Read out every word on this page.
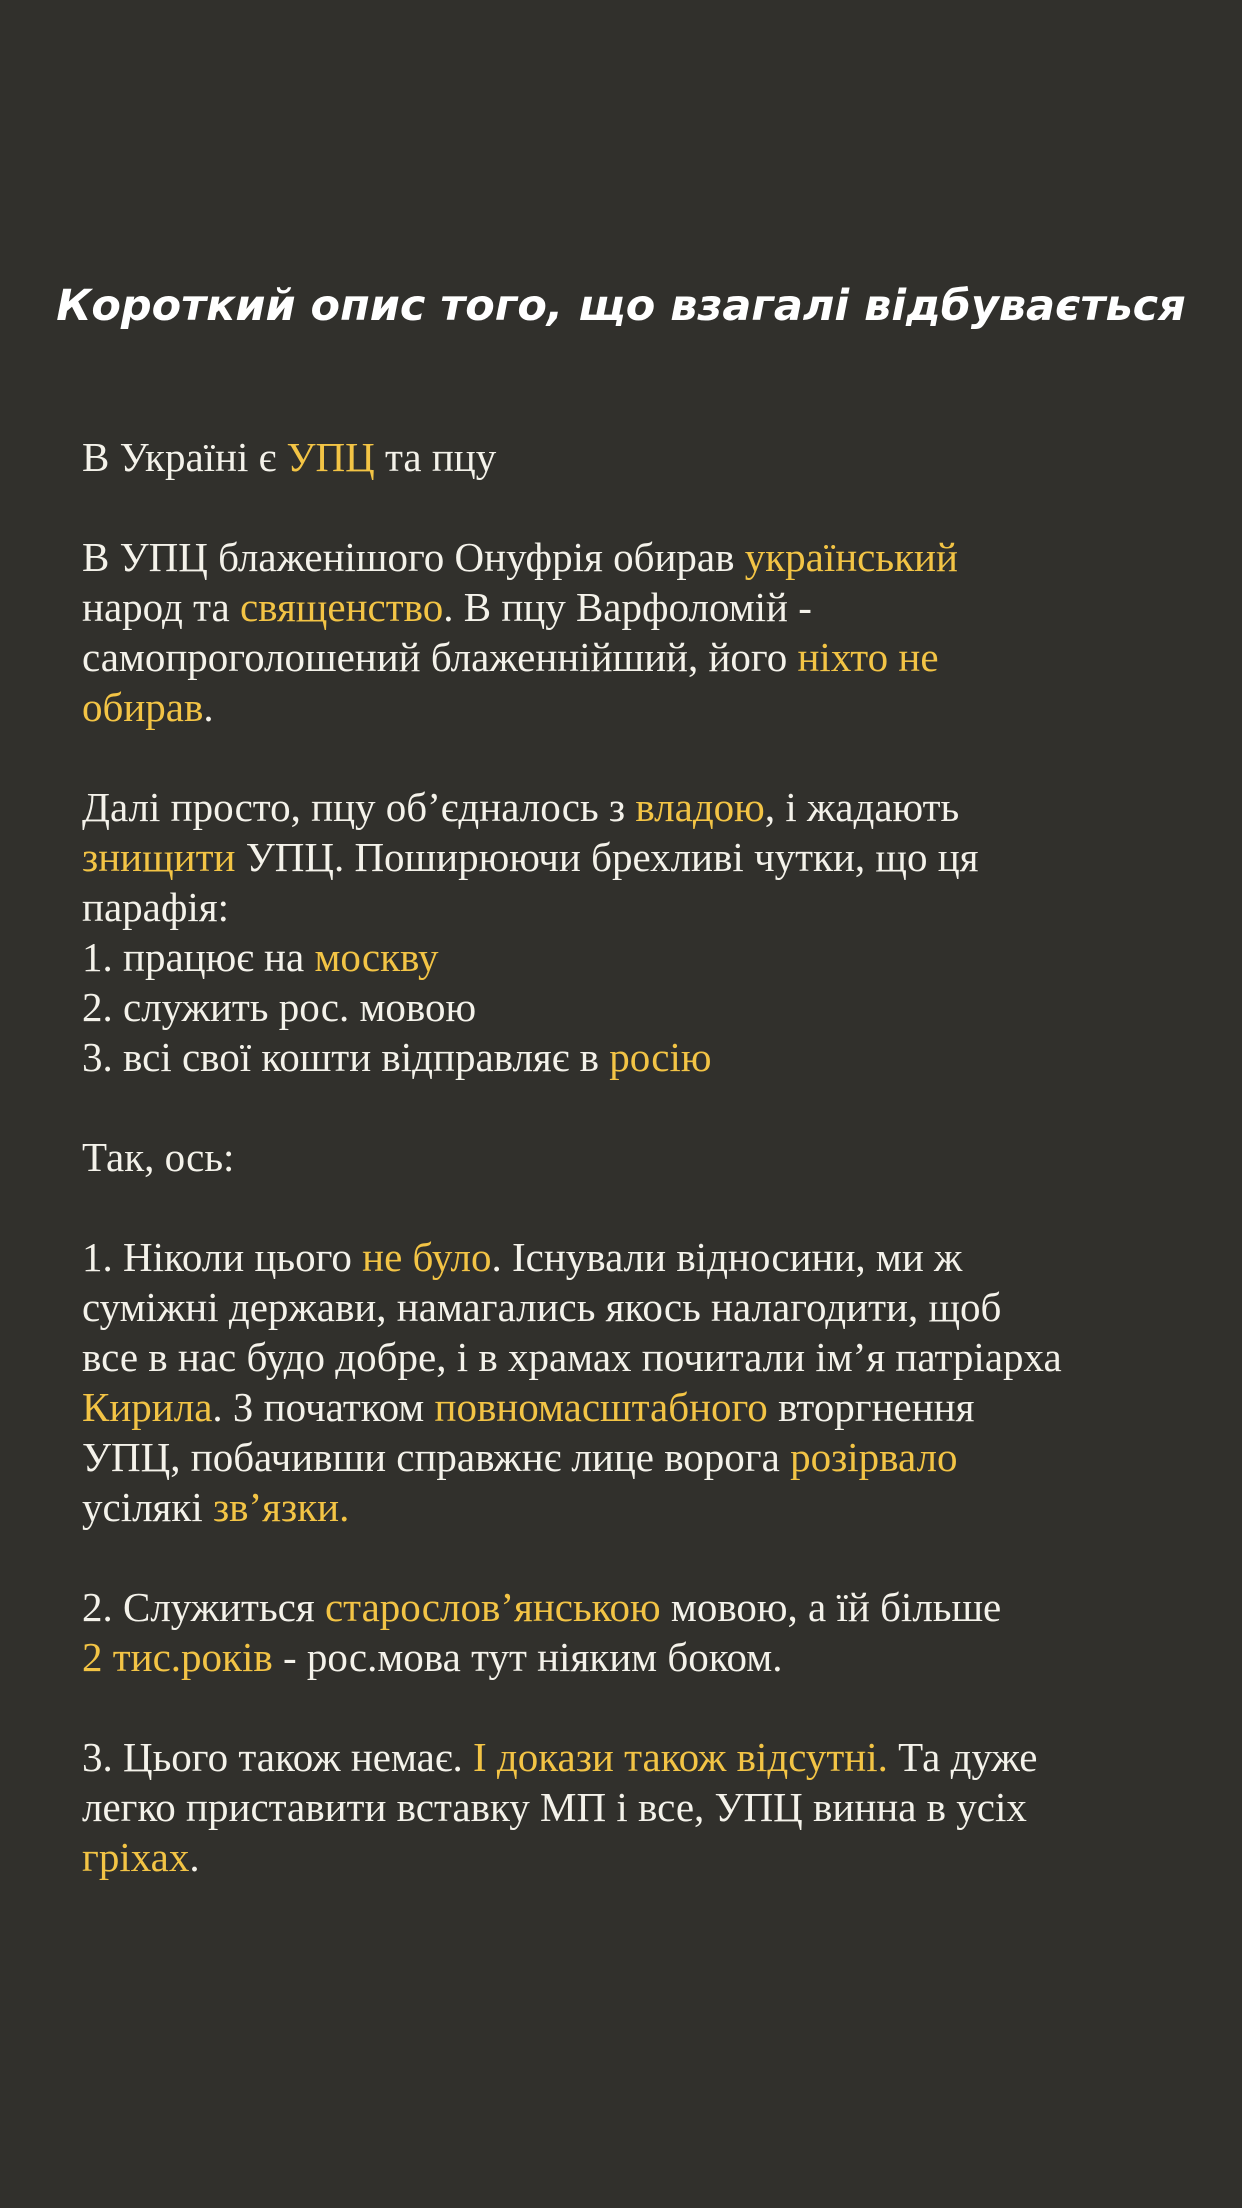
Короткий опис того, що взагалі відбувається
В Україні є УПЦ та пцу
В УПЦ блаженішого Онуфрія обирав український
народ та священство. В пцу Варфоломій -
самопроголошений блаженнійший, його ніхто не
обирав.
Далі просто, пцу об’єдналось з владою, і жадають
знищити УПЦ. Поширюючи брехливі чутки, що ця
парафія:
1. працює на москву
2. служить рос. мовою
3. всі свої кошти відправляє в росію
Так, ось:
1. Ніколи цього не було. Існували відносини, ми ж
суміжні держави, намагались якось налагодити, щоб
все в нас будо добре, і в храмах почитали ім’я патріарха
Кирила. З початком повномасштабного вторгнення
УПЦ, побачивши справжнє лице ворога розірвало
усілякі зв’язки.
2. Служиться старослов’янською мовою, а їй більше
2 тис.років - рос.мова тут ніяким боком.
3. Цього також немає. І докази також відсутні. Та дуже
легко приставити вставку МП і все, УПЦ винна в усіх
гріхах.
